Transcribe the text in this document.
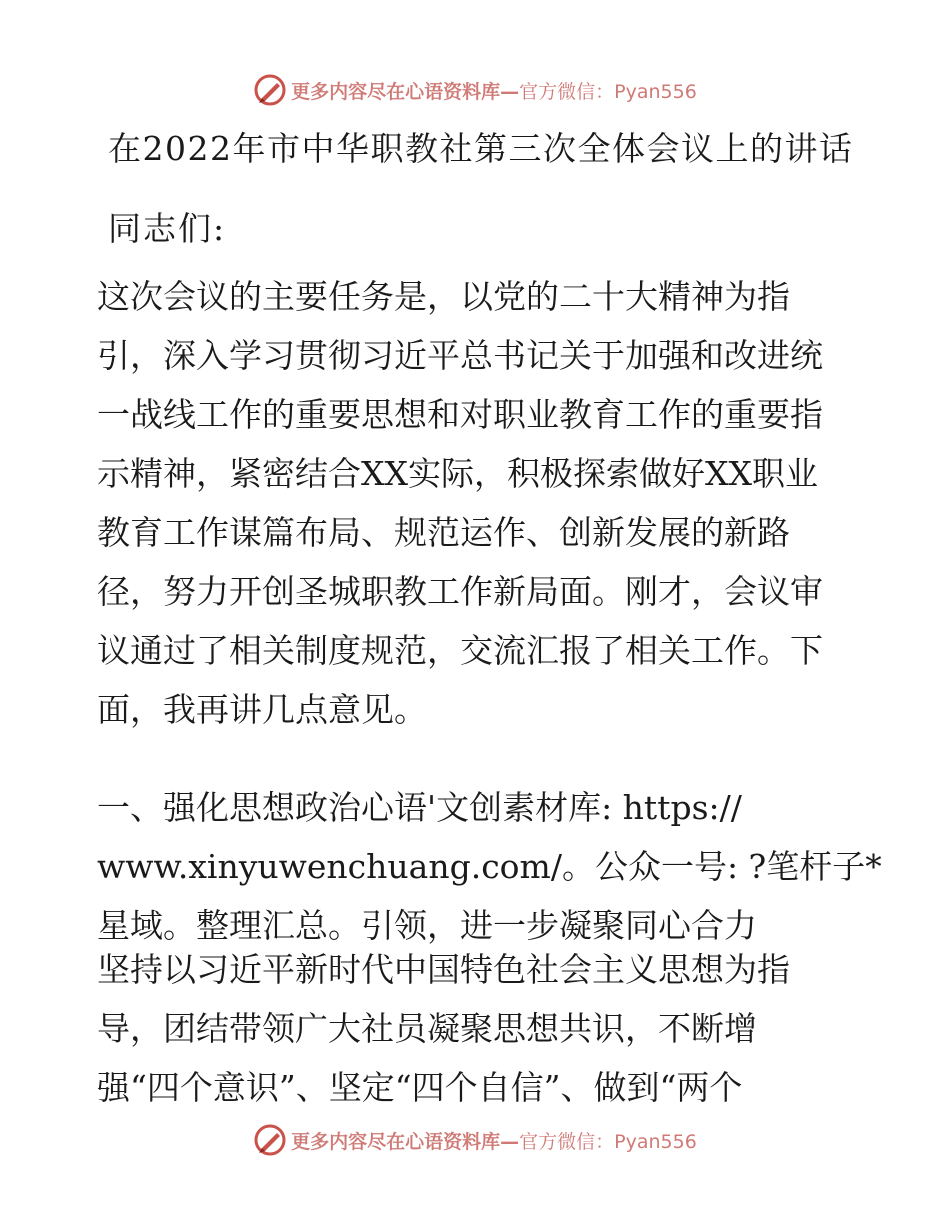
更多内容尽在心语资料库—官方微信：Pyan556
在2022年市中华职教社第三次全体会议上的讲话
同志们:
这次会议的主要任务是，以党的二十大精神为指
引，深入学习贯彻习近平总书记关于加强和改进统
一战线工作的重要思想和对职业教育工作的重要指
示精神，紧密结合XX实际，积极探索做好XX职业
教育工作谋篇布局、规范运作、创新发展的新路
径，努力开创圣城职教工作新局面。刚才，会议审
议通过了相关制度规范，交流汇报了相关工作。下
面，我再讲几点意见。
一、强化思想政治心语'文创素材库: https://
www.xinyuwenchuang.com/。公众一号: ?笔杆子*
星域。整理汇总。引领，进一步凝聚同心合力
坚持以习近平新时代中国特色社会主义思想为指
导，团结带领广大社员凝聚思想共识，不断增
强“四个意识”、坚定“四个自信”、做到“两个
更多内容尽在心语资料库—官方微信：Pyan556
